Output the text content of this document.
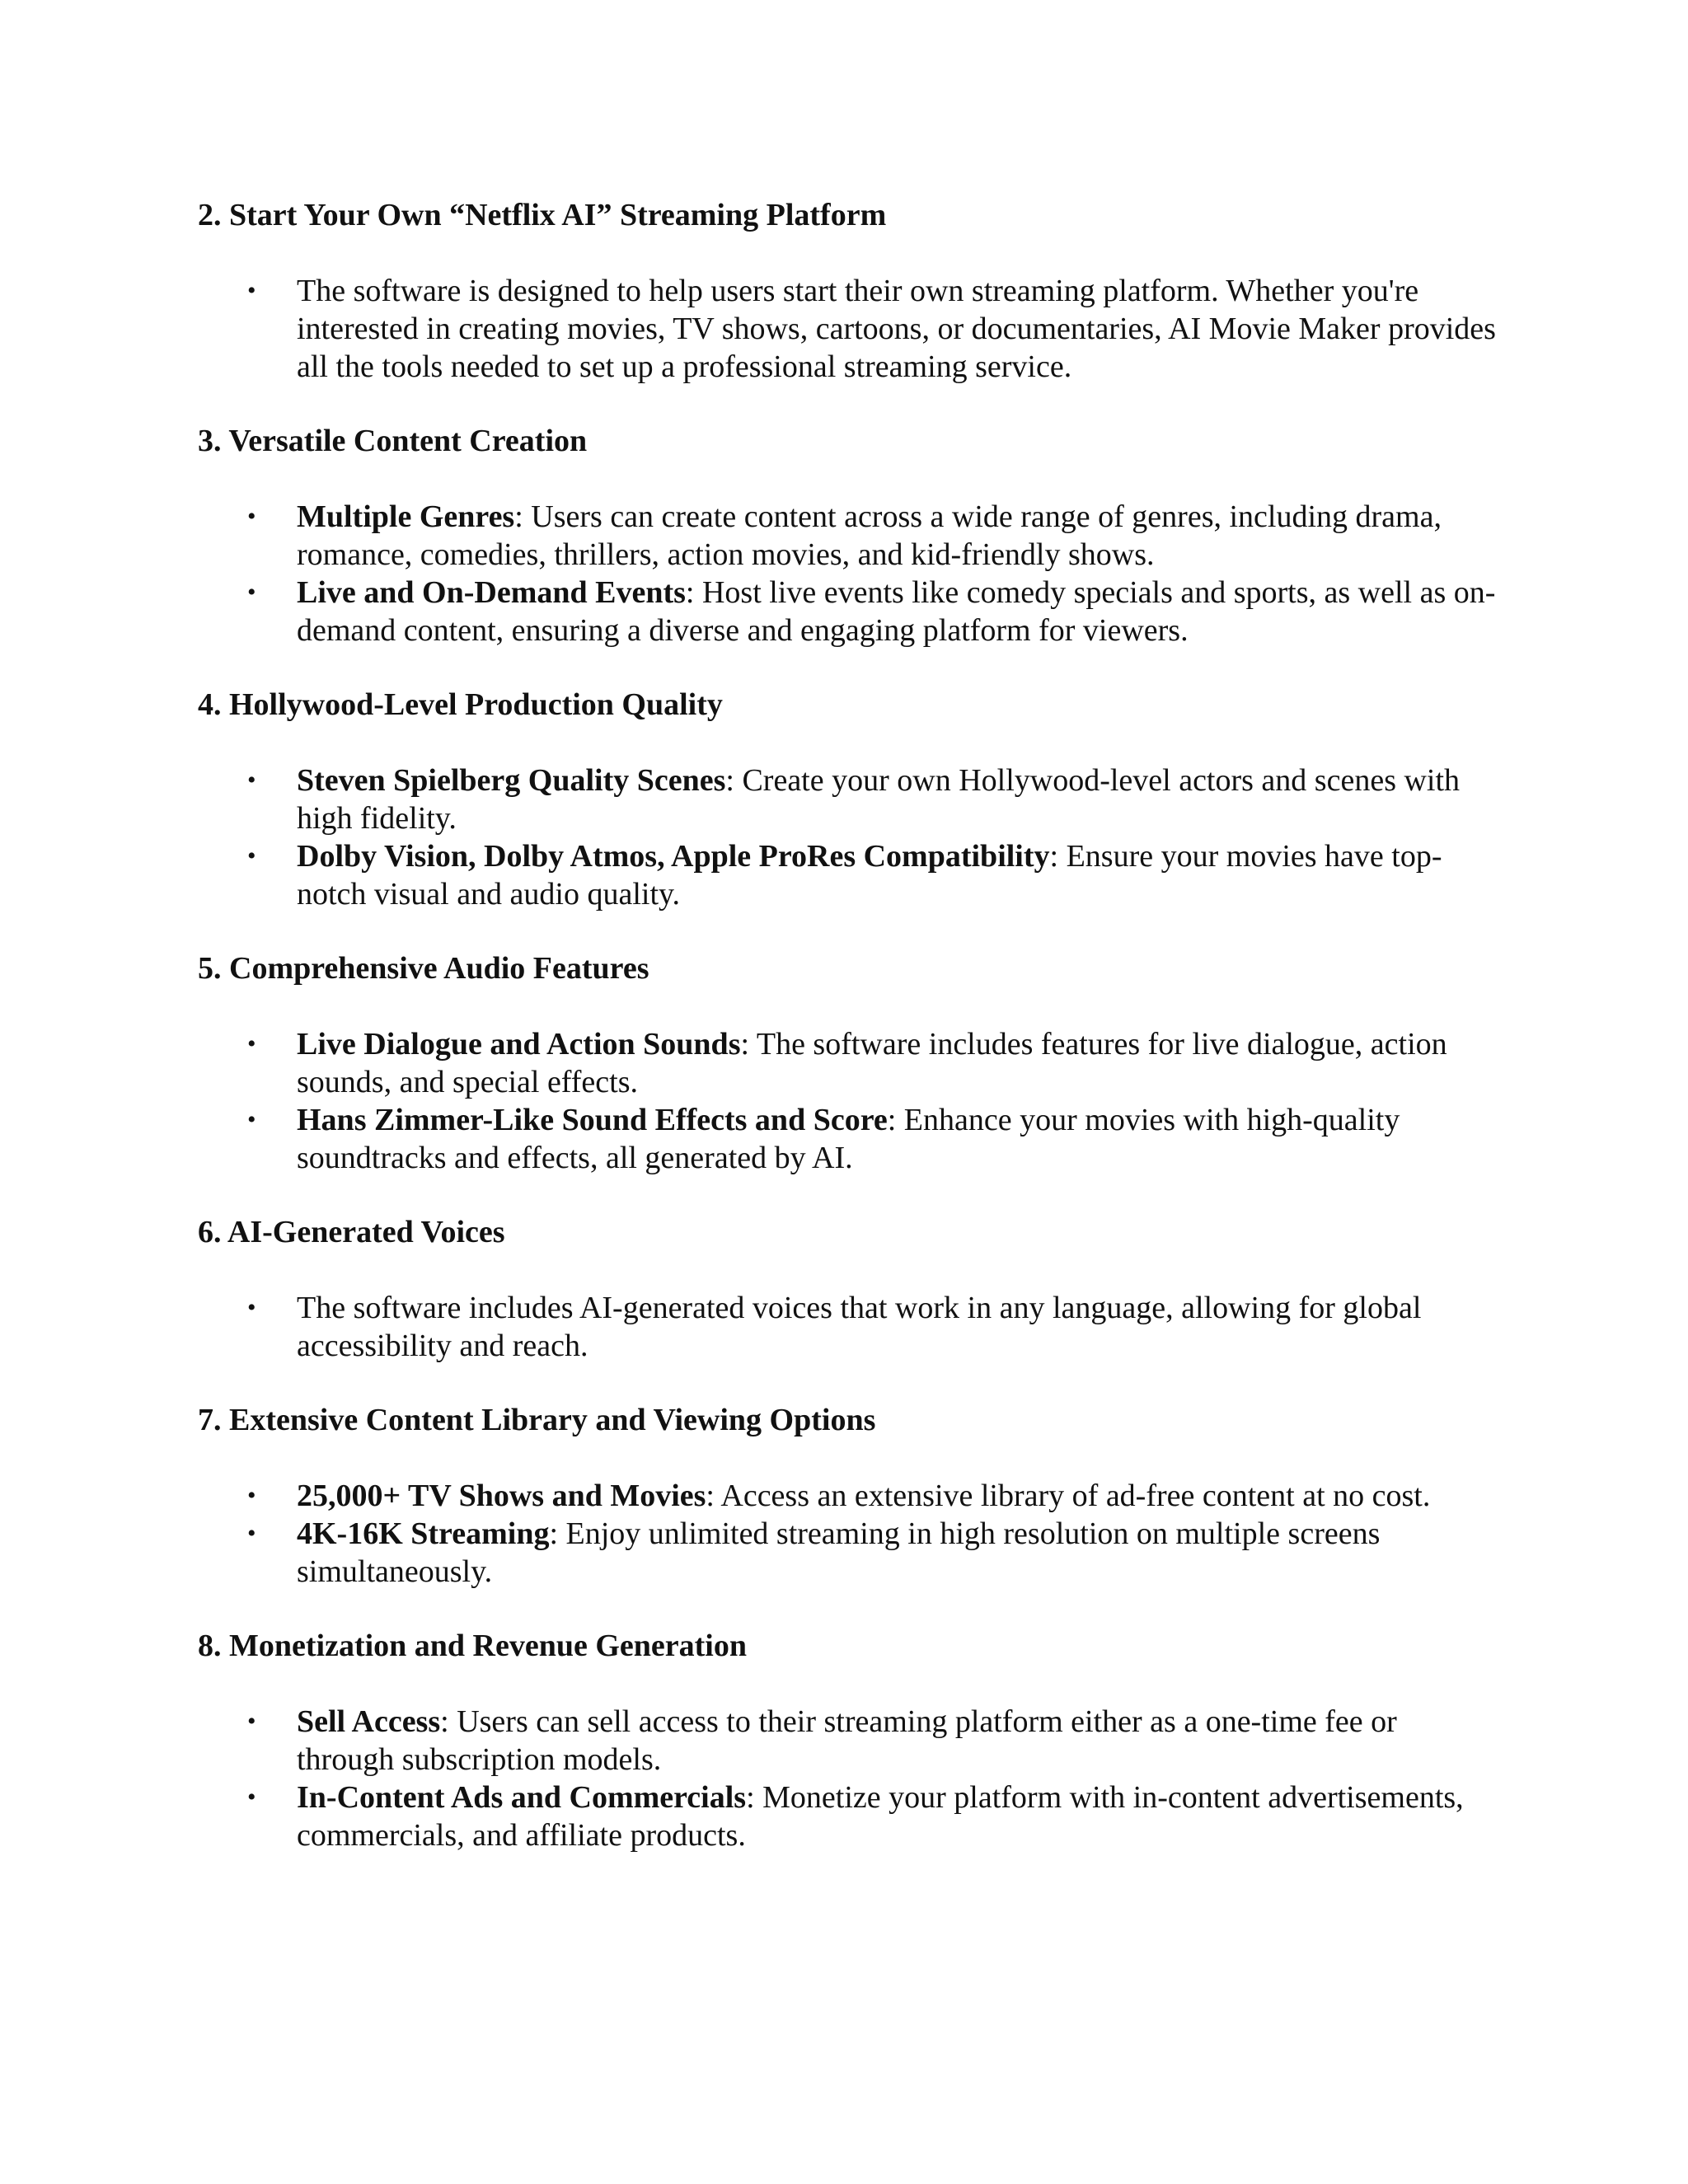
2. Start Your Own “Netflix AI” Streaming Platform
•	The software is designed to help users start their own streaming platform. Whether you're interested in creating movies, TV shows, cartoons, or documentaries, AI Movie Maker provides all the tools needed to set up a professional streaming service.
3. Versatile Content Creation
•	Multiple Genres: Users can create content across a wide range of genres, including drama, romance, comedies, thrillers, action movies, and kid-friendly shows.
•	Live and On-Demand Events: Host live events like comedy specials and sports, as well as on-demand content, ensuring a diverse and engaging platform for viewers.
4. Hollywood-Level Production Quality
•	Steven Spielberg Quality Scenes: Create your own Hollywood-level actors and scenes with high fidelity.
•	Dolby Vision, Dolby Atmos, Apple ProRes Compatibility: Ensure your movies have top-notch visual and audio quality.
5. Comprehensive Audio Features
•	Live Dialogue and Action Sounds: The software includes features for live dialogue, action sounds, and special effects.
•	Hans Zimmer-Like Sound Effects and Score: Enhance your movies with high-quality soundtracks and effects, all generated by AI.
6. AI-Generated Voices
•	The software includes AI-generated voices that work in any language, allowing for global accessibility and reach.
7. Extensive Content Library and Viewing Options
•	25,000+ TV Shows and Movies: Access an extensive library of ad-free content at no cost.
•	4K-16K Streaming: Enjoy unlimited streaming in high resolution on multiple screens simultaneously.
8. Monetization and Revenue Generation
•	Sell Access: Users can sell access to their streaming platform either as a one-time fee or through subscription models.
•	In-Content Ads and Commercials: Monetize your platform with in-content advertisements, commercials, and affiliate products.
